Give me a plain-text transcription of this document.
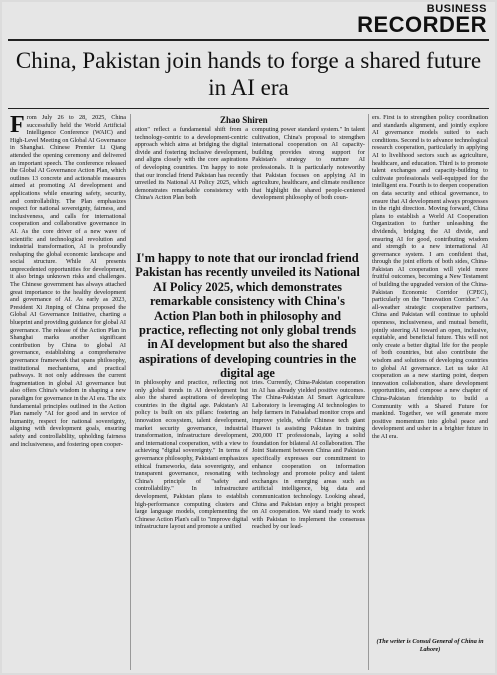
BUSINESS
RECORDER
China, Pakistan join hands to forge a shared future in AI era
Zhao Shiren
From July 26 to 28, 2025, China successfully held the World Artificial Intelligence Conference (WAIC) and High-Level Meeting on Global AI Governance in Shanghai. Chinese Premier Li Qiang attended the opening ceremony and delivered an important speech. The conference released the Global AI Governance Action Plan, which outlines 13 concrete and actionable measures aimed at promoting AI development and applications while ensuring safety, security, and controllability. The Plan emphasizes respect for national sovereignty, fairness, and inclusiveness, and calls for international cooperation and collaborative governance in AI. As the core driver of a new wave of scientific and technological revolution and industrial transformation, AI is profoundly reshaping the global economic landscape and social structure. While AI presents unprecedented opportunities for development, it also brings unknown risks and challenges. The Chinese government has always attached great importance to the healthy development and governance of AI. As early as 2023, President Xi Jinping of China proposed the Global AI Governance Initiative, charting a blueprint and providing guidance for global AI governance. The release of the Action Plan in Shanghai marks another significant contribution by China to global AI governance, establishing a comprehensive governance framework that spans philosophy, institutional mechanisms, and practical pathways. It not only addresses the current fragmentation in global AI governance but also offers China's wisdom in shaping a new paradigm for governance in the AI era. The six fundamental principles outlined in the Action Plan namely "AI for good and in service of humanity, respect for national sovereignty, aligning with development goals, ensuring safety and controllability, upholding fairness and inclusiveness, and fostering open cooper-
ation" reflect a fundamental shift from a technology-centric to a development-centric approach which aims at bridging the digital divide and fostering inclusive development, and aligns closely with the core aspirations of developing countries. I'm happy to note that our ironclad friend Pakistan has recently unveiled its National AI Policy 2025, which demonstrates remarkable consistency with China's Action Plan both
computing power standard system." In talent cultivation, China's proposal to strengthen international cooperation on AI capacity-building provides strong support for Pakistan's strategy to nurture AI professionals. It is particularly noteworthy that Pakistan focuses on applying AI in agriculture, healthcare, and climate resilience that highlight the shared people-centered development philosophy of both coun-
I'm happy to note that our ironclad friend Pakistan has recently unveiled its National AI Policy 2025, which demonstrates remarkable consistency with China's Action Plan both in philosophy and practice, reflecting not only global trends in AI development but also the shared aspirations of developing countries in the digital age
in philosophy and practice, reflecting not only global trends in AI development but also the shared aspirations of developing countries in the digital age. Pakistan's AI policy is built on six pillars: fostering an innovation ecosystem, talent development, market security governance, industrial transformation, infrastructure development, and international cooperation, with a view to achieving "digital sovereignty." In terms of governance philosophy, Pakistani emphasizes ethical frameworks, data sovereignty, and transparent governance, resonating with China's principle of "safety and controllability." In infrastructure development, Pakistan plans to establish high-performance computing clusters and large language models, complementing the Chinese Action Plan's call to "improve digital infrastructure layout and promote a unified
tries. Currently, China-Pakistan cooperation in AI has already yielded positive outcomes. The China-Pakistan AI Smart Agriculture Laboratory is leveraging AI technologies to help farmers in Faisalabad monitor crops and improve yields, while Chinese tech giant Huawei is assisting Pakistan in training 200,000 IT professionals, laying a solid foundation for bilateral AI collaboration. The Joint Statement between China and Pakistan specifically expresses our commitment to enhance cooperation on information technology and promote policy and talent exchanges in emerging areas such as artificial intelligence, big data and communication technology. Looking ahead, China and Pakistan enjoy a bright prospect on AI cooperation. We stand ready to work with Pakistan to implement the consensus reached by our lead-
ers. First is to strengthen policy coordination and standards alignment, and jointly explore AI governance models suited to each conditions. Second is to advance technological research cooperation, particularly in applying AI to livelihood sectors such as agriculture, healthcare, and education. Third is to promote talent exchanges and capacity-building to cultivate professionals well-equipped for the intelligent era. Fourth is to deepen cooperation on data security and ethical governance, to ensure that AI development always progresses in the right direction. Moving forward, China plans to establish a World AI Cooperation Organization to further unleashing the dividends, bridging the AI divide, and ensuring AI for good, contributing wisdom and strength to a new international AI governance system. I am confident that, through the joint efforts of both sides, China-Pakistan AI cooperation will yield more fruitful outcomes, becoming a New Testament of building the upgraded version of the China-Pakistan Economic Corridor (CPEC), particularly on the "Innovation Corridor." As all-weather strategic cooperative partners, China and Pakistan will continue to uphold openness, inclusiveness, and mutual benefit, jointly steering AI toward an open, inclusive, equitable, and beneficial future. This will not only create a better digital life for the people of both countries, but also contribute the wisdom and solutions of developing countries to global AI governance. Let us take AI cooperation as a new starting point, deepen innovation collaboration, share development opportunities, and compose a new chapter of China-Pakistan friendship to build a Community with a Shared Future for mankind. Together, we will generate more positive momentum into global peace and development and usher in a brighter future in the AI era.
(The writer is Consul General of China in Lahore)
